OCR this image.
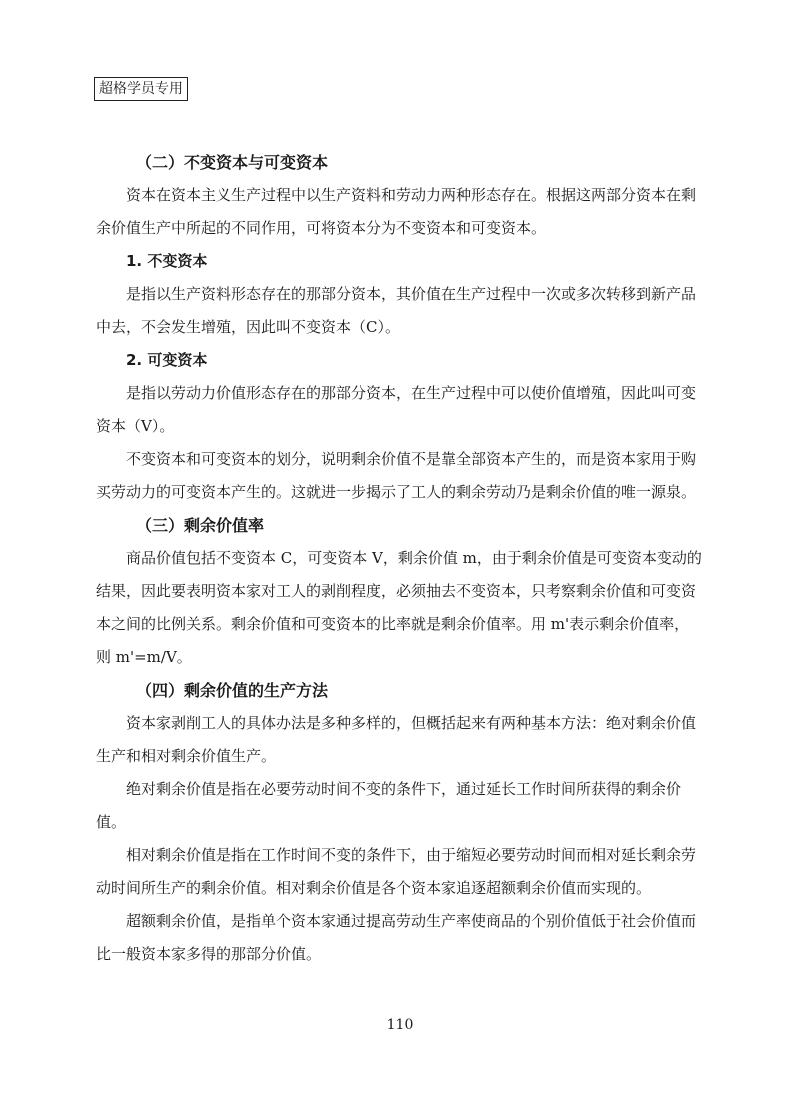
超格学员专用
（二）不变资本与可变资本

资本在资本主义生产过程中以生产资料和劳动力两种形态存在。根据这两部分资本在剩余价值生产中所起的不同作用，可将资本分为不变资本和可变资本。

1. 不变资本

是指以生产资料形态存在的那部分资本，其价值在生产过程中一次或多次转移到新产品中去，不会发生增殖，因此叫不变资本（C）。

2. 可变资本

是指以劳动力价值形态存在的那部分资本，在生产过程中可以使价值增殖，因此叫可变资本（V）。

不变资本和可变资本的划分，说明剩余价值不是靠全部资本产生的，而是资本家用于购买劳动力的可变资本产生的。这就进一步揭示了工人的剩余劳动乃是剩余价值的唯一源泉。

（三）剩余价值率

商品价值包括不变资本 C，可变资本 V，剩余价值 m，由于剩余价值是可变资本变动的结果，因此要表明资本家对工人的剥削程度，必须抽去不变资本，只考察剩余价值和可变资本之间的比例关系。剩余价值和可变资本的比率就是剩余价值率。用 m'表示剩余价值率，则 m'=m/V。

（四）剩余价值的生产方法

资本家剥削工人的具体办法是多种多样的，但概括起来有两种基本方法：绝对剩余价值生产和相对剩余价值生产。

绝对剩余价值是指在必要劳动时间不变的条件下，通过延长工作时间所获得的剩余价值。

相对剩余价值是指在工作时间不变的条件下，由于缩短必要劳动时间而相对延长剩余劳动时间所生产的剩余价值。相对剩余价值是各个资本家追逐超额剩余价值而实现的。

超额剩余价值，是指单个资本家通过提高劳动生产率使商品的个别价值低于社会价值而比一般资本家多得的那部分价值。

110
